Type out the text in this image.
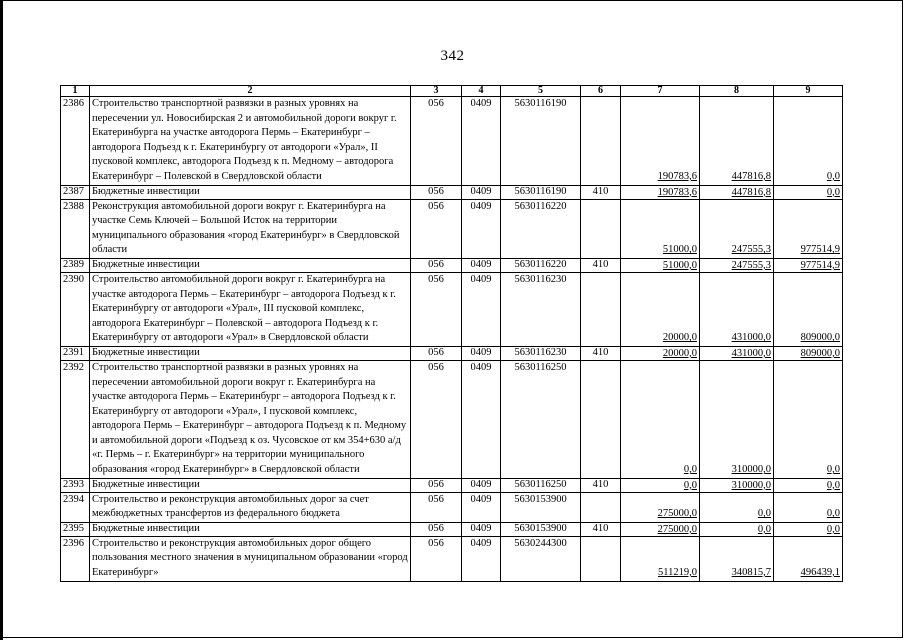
342
1	2	3	4	5	6	7	8	9
2386	Строительство транспортной развязки в разных уровнях на пересечении ул. Новосибирская 2 и автомобильной дороги вокруг г. Екатеринбурга на участке автодорога Пермь – Екатеринбург – автодорога Подъезд к г. Екатеринбургу от автодороги «Урал», II пусковой комплекс, автодорога Подъезд к п. Медному – автодорога Екатеринбург – Полевской в Свердловской области	056	0409	5630116190		190783,6	447816,8	0,0
2387	Бюджетные инвестиции	056	0409	5630116190	410	190783,6	447816,8	0,0
2388	Реконструкция автомобильной дороги вокруг г. Екатеринбурга на участке Семь Ключей – Большой Исток на территории муниципального образования «город Екатеринбург» в Свердловской области	056	0409	5630116220		51000,0	247555,3	977514,9
2389	Бюджетные инвестиции	056	0409	5630116220	410	51000,0	247555,3	977514,9
2390	Строительство автомобильной дороги вокруг г. Екатеринбурга на участке автодорога Пермь – Екатеринбург – автодорога Подъезд к г. Екатеринбургу от автодороги «Урал», III пусковой комплекс, автодорога Екатеринбург – Полевской – автодорога Подъезд к г. Екатеринбургу от автодороги «Урал» в Свердловской области	056	0409	5630116230		20000,0	431000,0	809000,0
2391	Бюджетные инвестиции	056	0409	5630116230	410	20000,0	431000,0	809000,0
2392	Строительство транспортной развязки в разных уровнях на пересечении автомобильной дороги вокруг г. Екатеринбурга на участке автодорога Пермь – Екатеринбург – автодорога Подъезд к г. Екатеринбургу от автодороги «Урал», I пусковой комплекс, автодорога Пермь – Екатеринбург – автодорога Подъезд к п. Медному и автомобильной дороги «Подъезд к оз. Чусовское от км 354+630 а/д «г. Пермь – г. Екатеринбург» на территории муниципального образования «город Екатеринбург» в Свердловской области	056	0409	5630116250		0,0	310000,0	0,0
2393	Бюджетные инвестиции	056	0409	5630116250	410	0,0	310000,0	0,0
2394	Строительство и реконструкция автомобильных дорог за счет межбюджетных трансфертов из федерального бюджета	056	0409	5630153900		275000,0	0,0	0,0
2395	Бюджетные инвестиции	056	0409	5630153900	410	275000,0	0,0	0,0
2396	Строительство и реконструкция автомобильных дорог общего пользования местного значения в муниципальном образовании «город Екатеринбург»	056	0409	5630244300		511219,0	340815,7	496439,1
